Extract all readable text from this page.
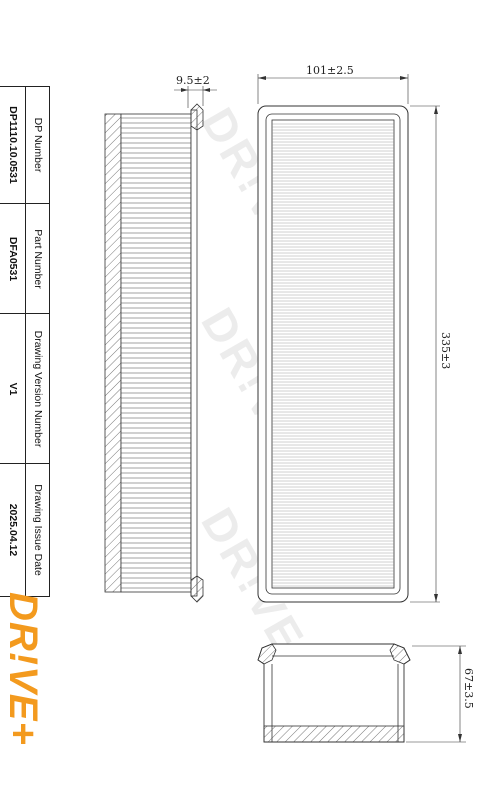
DP1110.10.0531
DFA0531
V1
2025.04.12
DP Number
Part Number
Drawing Version Number
Drawing Issue Date
DR!VE+
9.5±2
101±2.5
335±3
67±3.5
